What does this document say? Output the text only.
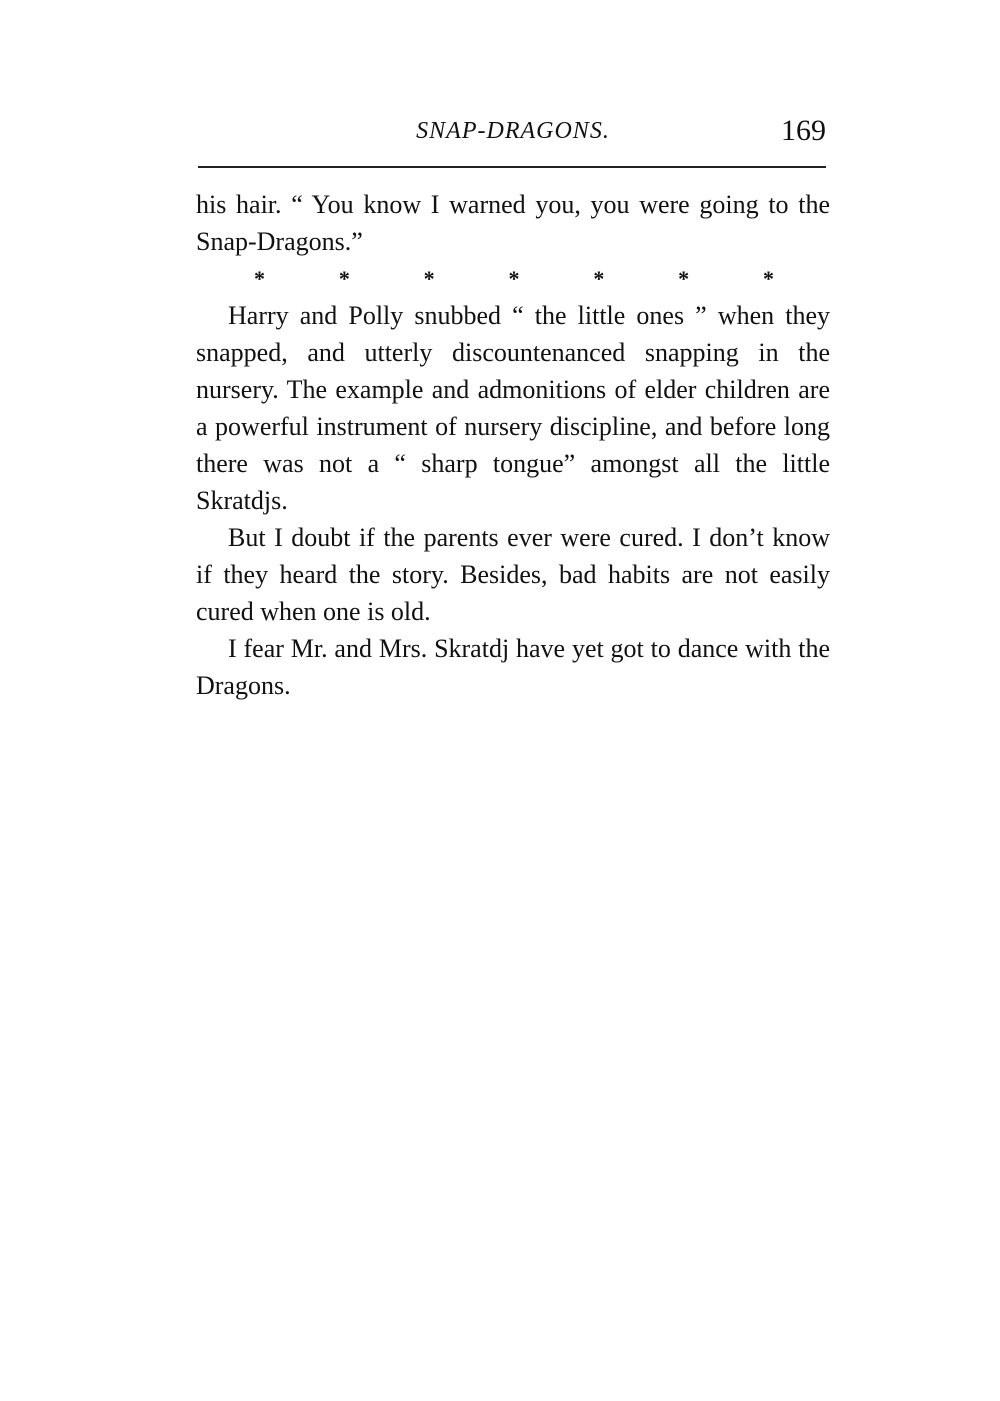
SNAP-DRAGONS.	169

his hair. “ You know I warned you, you were going to the Snap-Dragons.”

*	*	*	*	*	*	*

Harry and Polly snubbed “ the little ones ” when they snapped, and utterly discountenanced snapping in the nursery. The example and admonitions of elder children are a powerful instrument of nursery discipline, and before long there was not a “ sharp tongue” amongst all the little Skratdjs.

But I doubt if the parents ever were cured. I don’t know if they heard the story. Besides, bad habits are not easily cured when one is old.

I fear Mr. and Mrs. Skratdj have yet got to dance with the Dragons.
